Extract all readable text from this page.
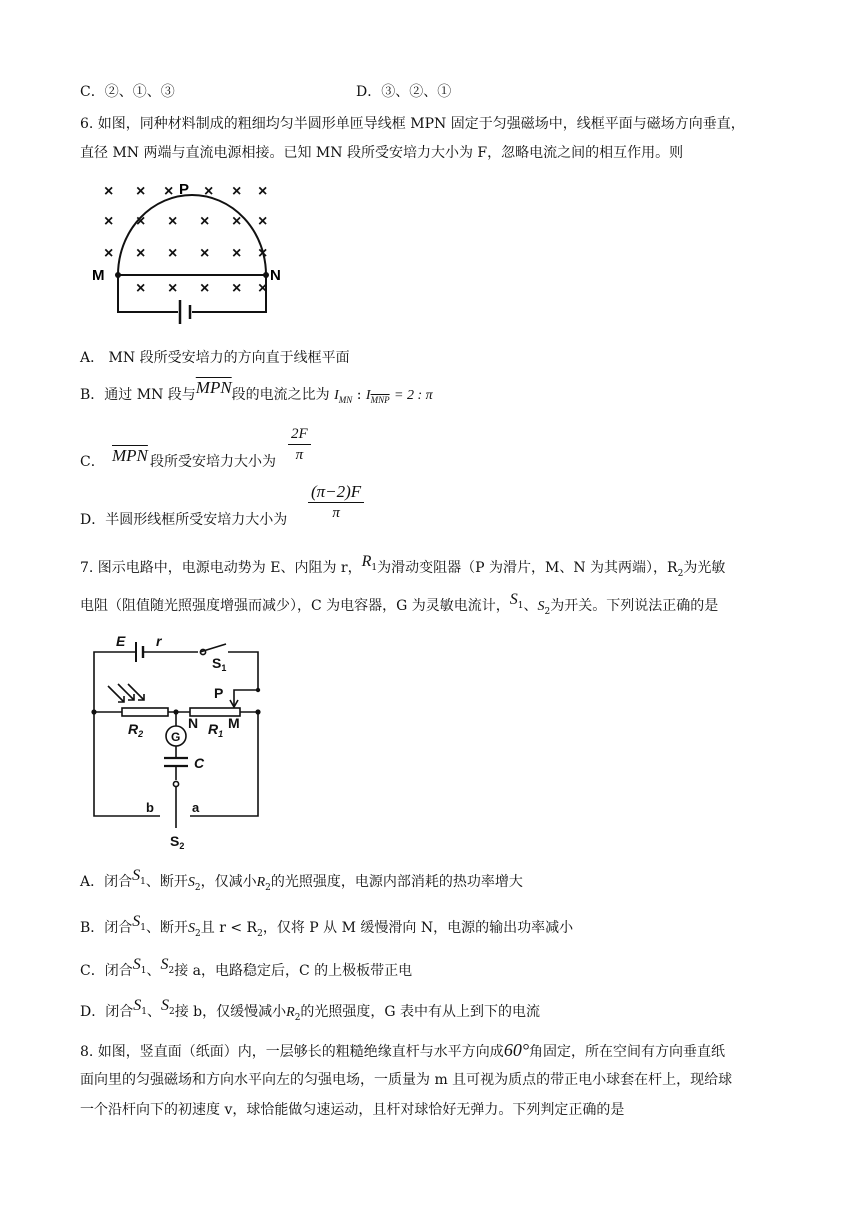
C．②、①、③	D．③、②、①
6. 如图，同种材料制成的粗细均匀半圆形单匝导线框 MPN 固定于匀强磁场中，线框平面与磁场方向垂直，
直径 MN 两端与直流电源相接。已知 MN 段所受安培力大小为 F，忽略电流之间的相互作用。则
× × × × × ×
× × × × × ×
× × × × × ×
× × × × ×
P
M	N
A． MN 段所受安培力的方向直于线框平面
B．通过 MN 段与$\overline{MPN}$段的电流之比为 $I_{MN}$ : $I_{\overline{MNP}} = 2$ : π
C． $\overline{MPN}$ 段所受安培力大小为 $\frac{2F}{\pi}$
D．半圆形线框所受安培力大小为 $\frac{(\pi-2)F}{\pi}$
7. 图示电路中，电源电动势为 E、内阻为 r，$R_1$为滑动变阻器（P 为滑片，M、N 为其两端），$R_2$为光敏
电阻（阻值随光照强度增强而减少），C 为电容器，G 为灵敏电流计，$S_1$、$S_2$为开关。下列说法正确的是
E r
$S_1$
P
N M
$R_2$	$R_1$
G
C
b	a
$S_2$
A．闭合$S_1$、断开$S_2$，仅减小$R_2$的光照强度，电源内部消耗的热功率增大
B．闭合$S_1$、断开$S_2$且 $r < R_2$，仅将 P 从 M 缓慢滑向 N，电源的输出功率减小
C．闭合$S_1$、$S_2$接 a，电路稳定后，C 的上极板带正电
D．闭合$S_1$、$S_2$接 b，仅缓慢减小$R_2$的光照强度，G 表中有从上到下的电流
8. 如图，竖直面（纸面）内，一层够长的粗糙绝缘直杆与水平方向成60°角固定，所在空间有方向垂直纸
面向里的匀强磁场和方向水平向左的匀强电场，一质量为 m 且可视为质点的带正电小球套在杆上，现给球
一个沿杆向下的初速度 v，球恰能做匀速运动，且杆对球恰好无弹力。下列判定正确的是
